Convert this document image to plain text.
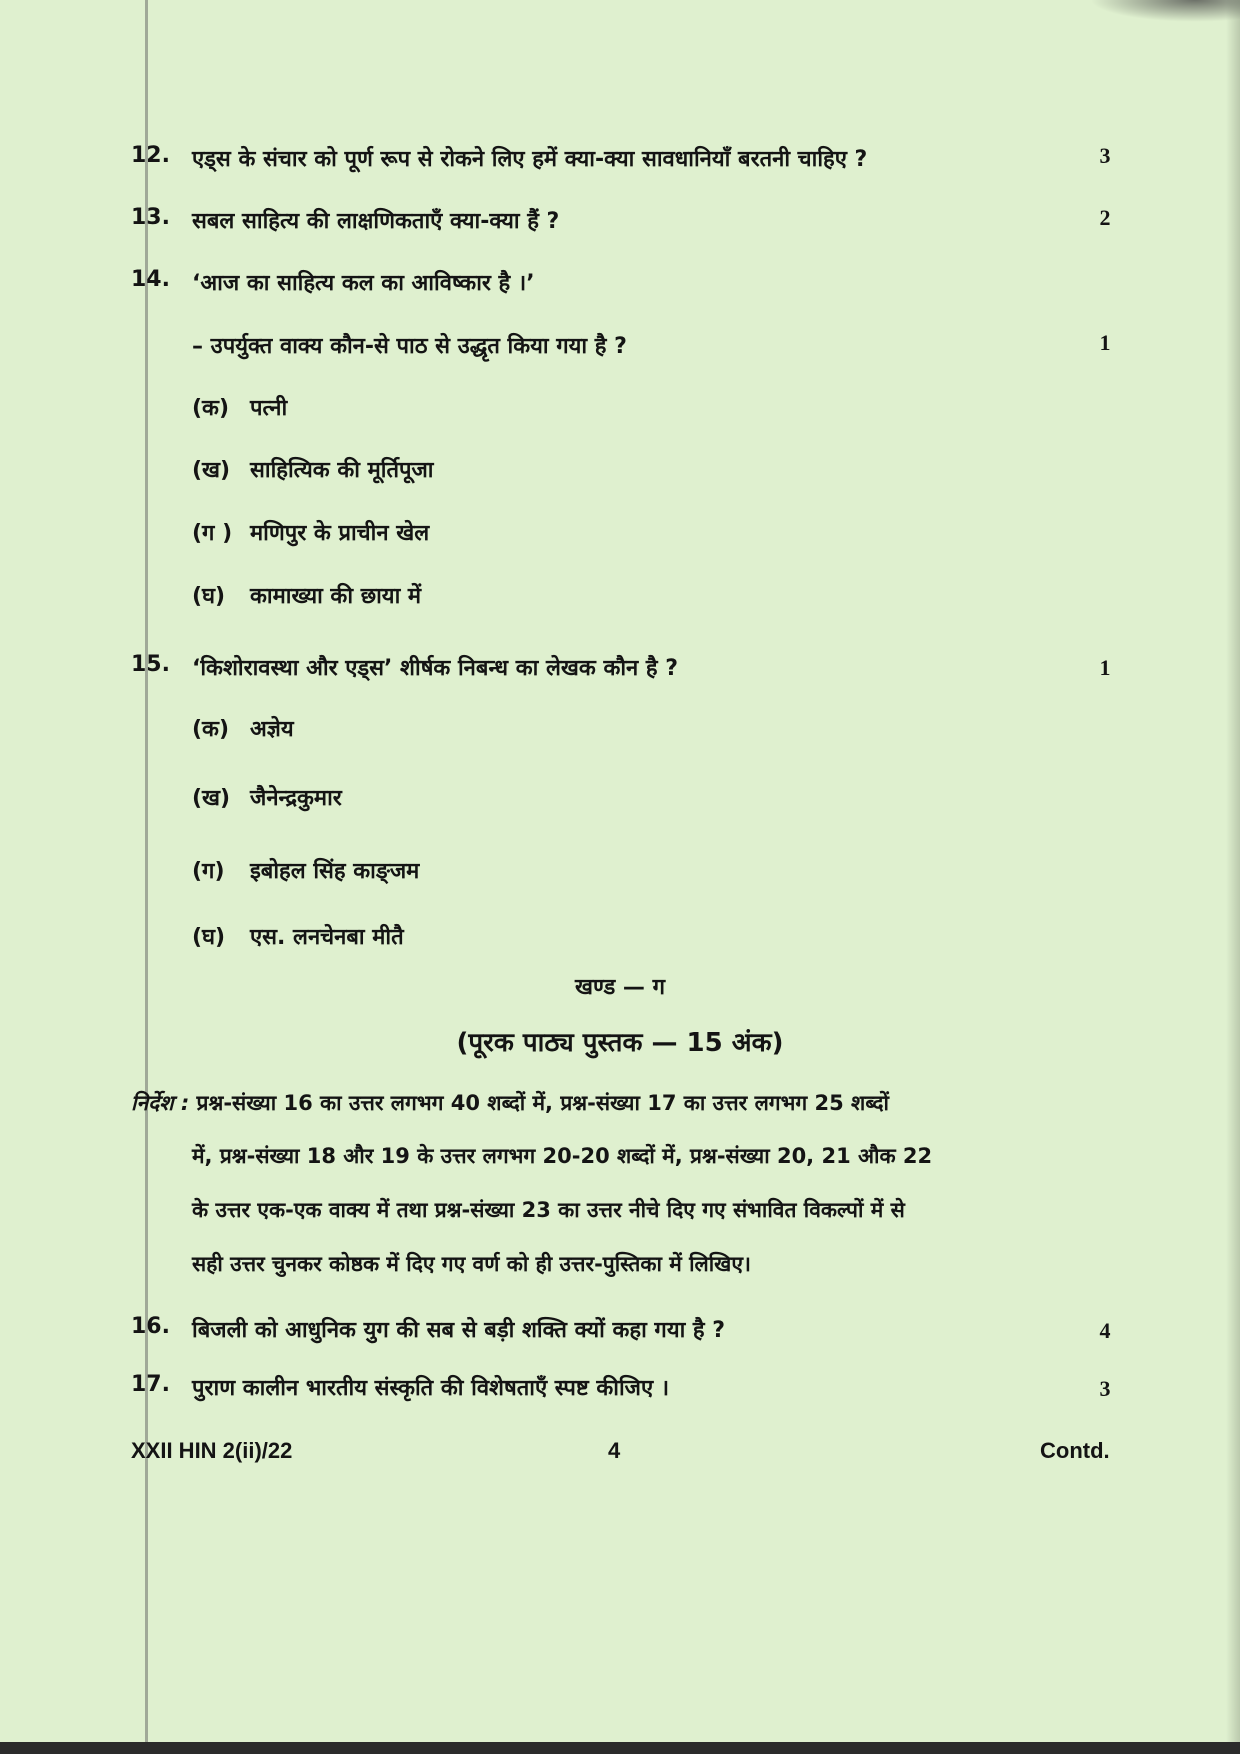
12. एड्स के संचार को पूर्ण रूप से रोकने लिए हमें क्या-क्या सावधानियाँ बरतनी चाहिए ?	3
13. सबल साहित्य की लाक्षणिकताएँ क्या-क्या हैं ?	2
14. ‘आज का साहित्य कल का आविष्कार है ।’
– उपर्युक्त वाक्य कौन-से पाठ से उद्धृत किया गया है ?	1
(क) पत्नी
(ख) साहित्यिक की मूर्तिपूजा
(ग ) मणिपुर के प्राचीन खेल
(घ) कामाख्या की छाया में
15. ‘किशोरावस्था और एड्स’ शीर्षक निबन्ध का लेखक कौन है ?	1
(क) अज्ञेय
(ख) जैनेन्द्रकुमार
(ग) इबोहल सिंह काङ्‌जम
(घ) एस. लनचेनबा मीतै
खण्ड — ग
(पूरक पाठ्य पुस्तक — 15 अंक)
निर्देश : प्रश्न-संख्या 16 का उत्तर लगभग 40 शब्दों में, प्रश्न-संख्या 17 का उत्तर लगभग 25 शब्दों
में, प्रश्न-संख्या 18 और 19 के उत्तर लगभग 20-20 शब्दों में, प्रश्न-संख्या 20, 21 औक 22
के उत्तर एक-एक वाक्य में तथा प्रश्न-संख्या 23 का उत्तर नीचे दिए गए संभावित विकल्पों में से
सही उत्तर चुनकर कोष्ठक में दिए गए वर्ण को ही उत्तर-पुस्तिका में लिखिए।
16. बिजली को आधुनिक युग की सब से बड़ी शक्ति क्यों कहा गया है ?	4
17. पुराण कालीन भारतीय संस्कृति की विशेषताएँ स्पष्ट कीजिए ।	3
XXII HIN 2(ii)/22	4	Contd.
